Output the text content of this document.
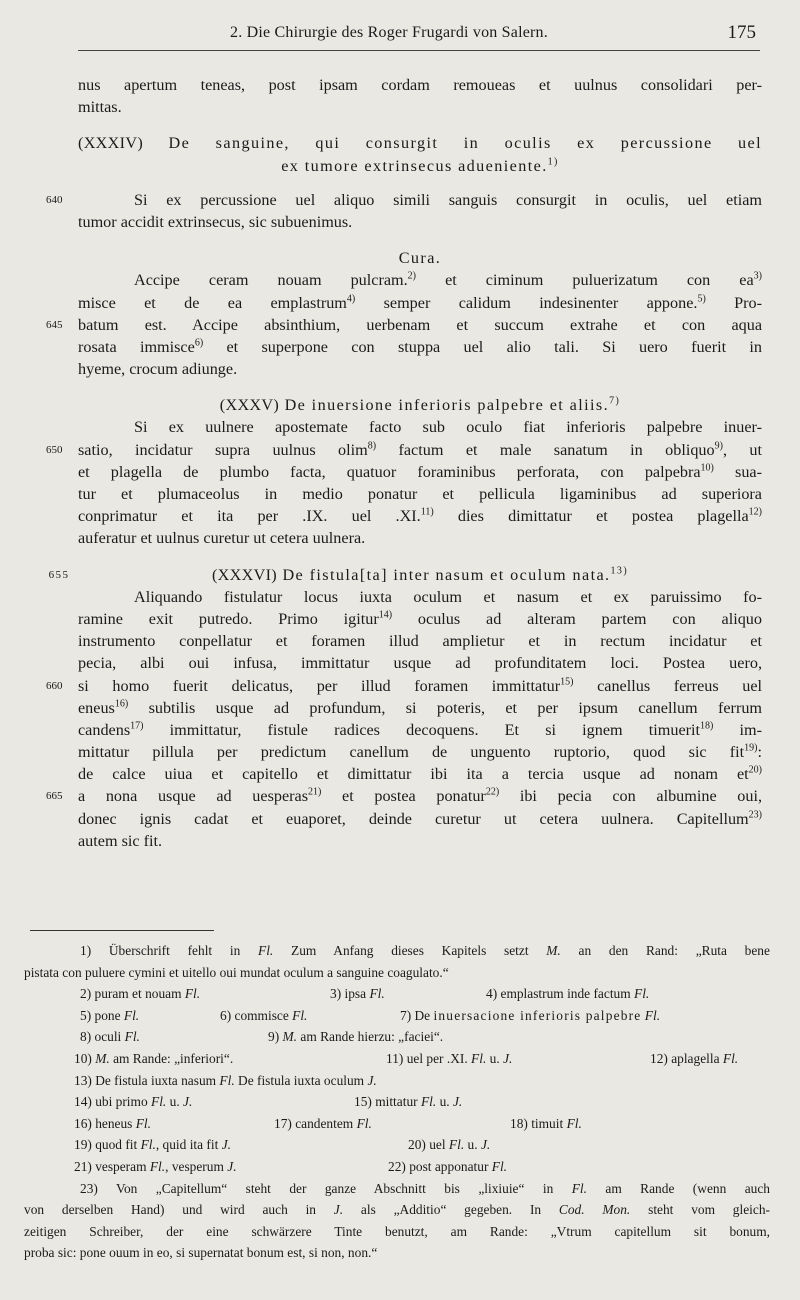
2. Die Chirurgie des Roger Frugardi von Salern.	175
nus apertum teneas, post ipsam cordam remoueas et uulnus consolidari per-
mittas.
(XXXIV) De sanguine, qui consurgit in oculis ex percussione uel
ex tumore extrinsecus adueniente.$^{1)}$
640	Si ex percussione uel aliquo simili sanguis consurgit in oculis, uel etiam
tumor accidit extrinsecus, sic subuenimus.
Cura.
Accipe ceram nouam pulcram.$^{2)}$ et ciminum puluerizatum con $ea^{3)}$
misce et de ea emplastrum$^{4)}$ semper calidum indesinenter appone.$^{5)}$ Pro-
645 batum est. Accipe absinthium, uerbenam et succum extrahe et con aqua
rosata immisce$^{6)}$ et superpone con stuppa uel alio tali. Si uero fuerit in
hyeme, crocum adiunge.
(XXXV) De inuersione inferioris palpebre et aliis.$^{7)}$
Si ex uulnere apostemate facto sub oculo fiat inferioris palpebre inuer-
650 satio, incidatur supra uulnus olim$^{8)}$ factum et male sanatum in obliquo$^{9)}$, ut
et plagella de plumbo facta, quatuor foraminibus perforata, con palpebra$^{10)}$ sua-
tur et plumaceolus in medio ponatur et pellicula ligaminibus ad superiora
conprimatur et ita per .IX. uel .XI.$^{11)}$ dies dimittatur et postea plagella$^{12)}$
auferatur et uulnus curetur ut cetera uulnera.
655	(XXXVI) De fistula[ta] inter nasum et oculum nata.$^{13)}$
Aliquando fistulatur locus iuxta oculum et nasum et ex paruissimo fo-
ramine exit putredo. Primo igitur$^{14)}$ oculus ad alteram partem con aliquo
instrumento conpellatur et foramen illud amplietur et in rectum incidatur et
pecia, albi oui infusa, immittatur usque ad profunditatem loci. Postea uero,
660 si homo fuerit delicatus, per illud foramen immittatur$^{15)}$ canellus ferreus uel
eneus$^{16)}$ subtilis usque ad profundum, si poteris, et per ipsum canellum ferrum
candens$^{17)}$ immittatur, fistule radices decoquens. Et si ignem timuerit$^{18)}$ im-
mittatur pillula per predictum canellum de unguento ruptorio, quod sic fit$^{19)}$:
de calce uiua et capitello et dimittatur ibi ita a tercia usque ad nonam $et^{20)}$
665 a nona usque ad uesperas$^{21)}$ et postea ponatur$^{22)}$ ibi pecia con albumine oui,
donec ignis cadat et euaporet, deinde curetur ut cetera uulnera. Capitellum$^{23)}$
autem sic fit.
1) Überschrift fehlt in Fl. Zum Anfang dieses Kapitels setzt M. an den Rand: „Ruta bene
pistata con puluere cymini et uitello oui mundat oculum a sanguine coagulato.“
2) puram et nouam Fl.	3) ipsa Fl.	4) emplastrum inde factum Fl.
5) pone Fl.	6) commisce Fl.	7) De inuersacione inferioris palpebre Fl.
8) oculi Fl.	9) M. am Rande hierzu: „faciei“.
10) M. am Rande: „inferiori“.	11) uel per .XI. Fl. u. J.	12) aplagella Fl.
13) De fistula iuxta nasum Fl. De fistula iuxta oculum J.
14) ubi primo Fl. u. J.	15) mittatur Fl. u. J.
16) heneus Fl.	17) candentem Fl.	18) timuit Fl.
19) quod fit Fl., quid ita fit J.	20) uel Fl. u. J.
21) vesperam Fl., vesperum J.	22) post apponatur Fl.
23) Von „Capitellum“ steht der ganze Abschnitt bis „lixiuie“ in Fl. am Rande (wenn auch
von derselben Hand) und wird auch in J. als „Additio“ gegeben. In Cod. Mon. steht vom gleich-
zeitigen Schreiber, der eine schwärzere Tinte benutzt, am Rande: „Vtrum capitellum sit bonum,
proba sic: pone ouum in eo, si supernatat bonum est, si non, non.“
